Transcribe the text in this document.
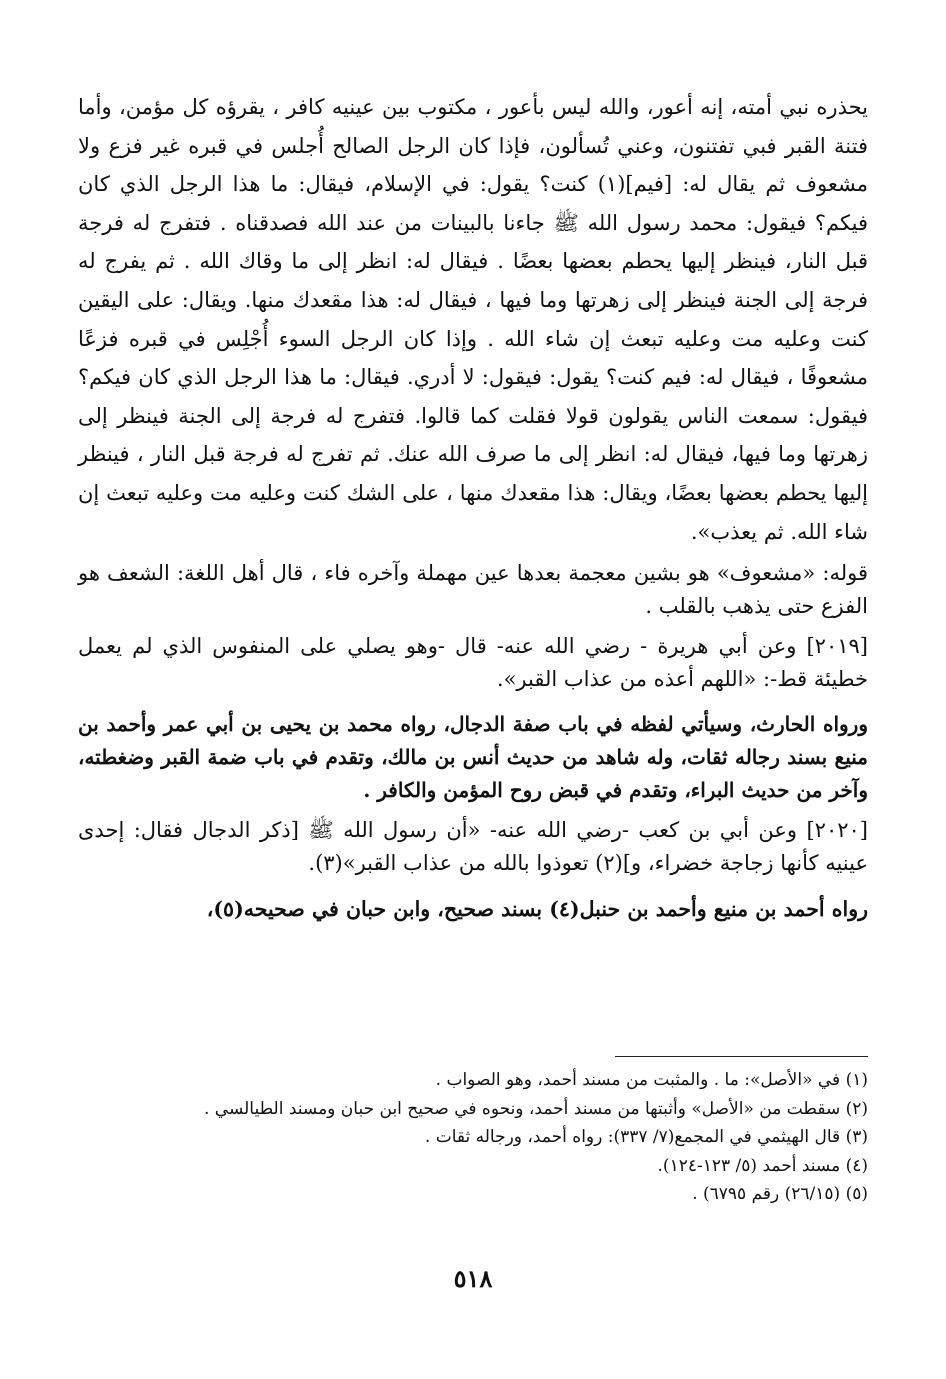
يحذره نبي أمته، إنه أعور، والله ليس بأعور ، مكتوب بين عينيه كافر ، يقرؤه كل مؤمن، وأما فتنة القبر فبي تفتنون، وعني تُسألون، فإذا كان الرجل الصالح أُجلس في قبره غير فزع ولا مشعوف ثم يقال له: [فيم](١) كنت؟ يقول: في الإسلام، فيقال: ما هذا الرجل الذي كان فيكم؟ فيقول: محمد رسول الله ﷺ جاءنا بالبينات من عند الله فصدقناه . فتفرج له فرجة قبل النار، فينظر إليها يحطم بعضها بعضًا . فيقال له: انظر إلى ما وقاك الله . ثم يفرج له فرجة إلى الجنة فينظر إلى زهرتها وما فيها ، فيقال له: هذا مقعدك منها. ويقال: على اليقين كنت وعليه مت وعليه تبعث إن شاء الله . وإذا كان الرجل السوء أُجْلِس في قبره فزعًا مشعوفًا ، فيقال له: فيم كنت؟ يقول: فيقول: لا أدري. فيقال: ما هذا الرجل الذي كان فيكم؟ فيقول: سمعت الناس يقولون قولا فقلت كما قالوا. فتفرج له فرجة إلى الجنة فينظر إلى زهرتها وما فيها، فيقال له: انظر إلى ما صرف الله عنك. ثم تفرج له فرجة قبل النار ، فينظر إليها يحطم بعضها بعضًا، ويقال: هذا مقعدك منها ، على الشك كنت وعليه مت وعليه تبعث إن شاء الله. ثم يعذب».

قوله: «مشعوف» هو بشين معجمة بعدها عين مهملة وآخره فاء ، قال أهل اللغة: الشعف هو الفزع حتى يذهب بالقلب .

[٢٠١٩] وعن أبي هريرة - رضي الله عنه- قال -وهو يصلي على المنفوس الذي لم يعمل خطيئة قط-: «اللهم أعذه من عذاب القبر».

ورواه الحارث، وسيأتي لفظه في باب صفة الدجال، رواه محمد بن يحيى بن أبي عمر وأحمد بن منيع بسند رجاله ثقات، وله شاهد من حديث أنس بن مالك، وتقدم في باب ضمة القبر وضغطته، وآخر من حديث البراء، وتقدم في قبض روح المؤمن والكافر .

[٢٠٢٠] وعن أبي بن كعب -رضي الله عنه- «أن رسول الله ﷺ [ذكر الدجال فقال: إحدى عينيه كأنها زجاجة خضراء، و](٢) تعوذوا بالله من عذاب القبر»(٣).

رواه أحمد بن منيع وأحمد بن حنبل(٤) بسند صحيح، وابن حبان في صحيحه(٥)،

(١) في «الأصل»: ما . والمثبت من مسند أحمد، وهو الصواب .

(٢) سقطت من «الأصل» وأثبتها من مسند أحمد، ونحوه في صحيح ابن حبان ومسند الطيالسي .

(٣) قال الهيثمي في المجمع(٧/ ٣٣٧): رواه أحمد، ورجاله ثقات .

(٤) مسند أحمد (٥/ ١٢٣-١٢٤).

(٥) (٢٦/١٥) رقم ٦٧٩٥) .

٥١٨
